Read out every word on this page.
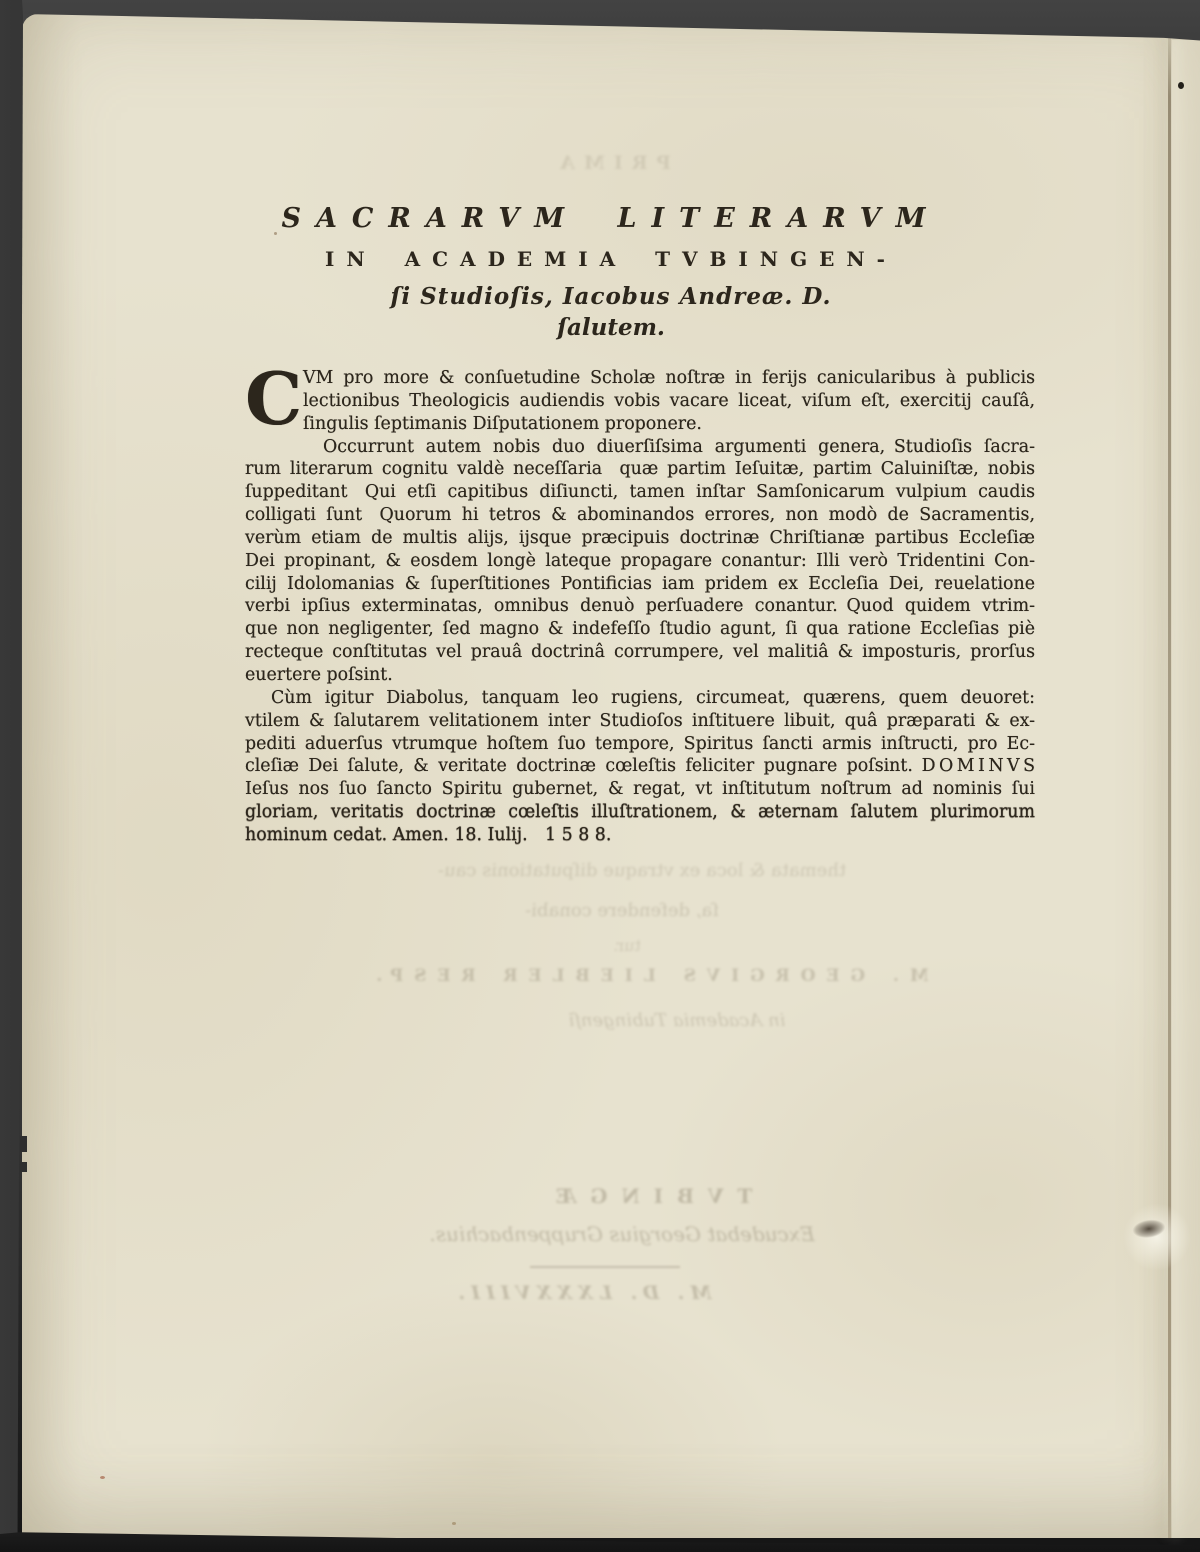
PRIMA
themata & loca ex vtraque diſputationis cau-
ſa, defendere conabi-
tur.
M. GEORGIVS LIEBLER RESP.
in Academia Tubingenſi
TVBINGÆ
Excudebat Georgius Gruppenbachius.
M. D. LXXXVIII.
SACRARVM LITERARVM
IN ACADEMIA TVBINGEN-
ſi Studioſis, Iacobus Andreæ. D.
ſalutem.
C VM pro more & conſuetudine Scholæ noſtræ in ferijs canicularibus à publicis
lectionibus Theologicis audiendis vobis vacare liceat, viſum eſt, exercitij cauſâ,
ſingulis ſeptimanis Diſputationem proponere.
Occurrunt autem nobis duo diuerſiſsima argumenti genera, Studioſis ſacra-
rum literarum cognitu valdè neceſſaria  quæ partim Ieſuitæ, partim Caluiniſtæ, nobis
ſuppeditant  Qui etſi capitibus diſiuncti, tamen inſtar Samſonicarum vulpium caudis
colligati ſunt  Quorum hi tetros & abominandos errores, non modò de Sacramentis,
verùm etiam de multis alijs, ijsque præcipuis doctrinæ Chriſtianæ partibus Eccleſiæ
Dei propinant, & eosdem longè lateque propagare conantur: Illi verò Tridentini Con-
cilij Idolomanias & ſuperſtitiones Pontificias iam pridem ex Eccleſia Dei, reuelatione
verbi ipſius exterminatas, omnibus denuò perſuadere conantur. Quod quidem vtrim-
que non negligenter, ſed magno & indefeſſo ſtudio agunt, ſi qua ratione Eccleſias piè
recteque conſtitutas vel prauâ doctrinâ corrumpere, vel malitiâ & imposturis, prorſus
euertere poſsint.
Cùm igitur Diabolus, tanquam leo rugiens, circumeat, quærens, quem deuoret:
vtilem & ſalutarem velitationem inter Studioſos inſtituere libuit, quâ præparati & ex-
pediti aduerſus vtrumque hoſtem ſuo tempore, Spiritus ſancti armis inſtructi, pro Ec-
cleſiæ Dei ſalute, & veritate doctrinæ cœleſtis feliciter pugnare poſsint. D O M I N V S
Ieſus nos ſuo ſancto Spiritu gubernet, & regat, vt inſtitutum noſtrum ad nominis ſui
gloriam, veritatis doctrinæ cœleſtis illuſtrationem, & æternam ſalutem plurimorum
hominum cedat. Amen. 18. Iulij.  1 5 8 8.
